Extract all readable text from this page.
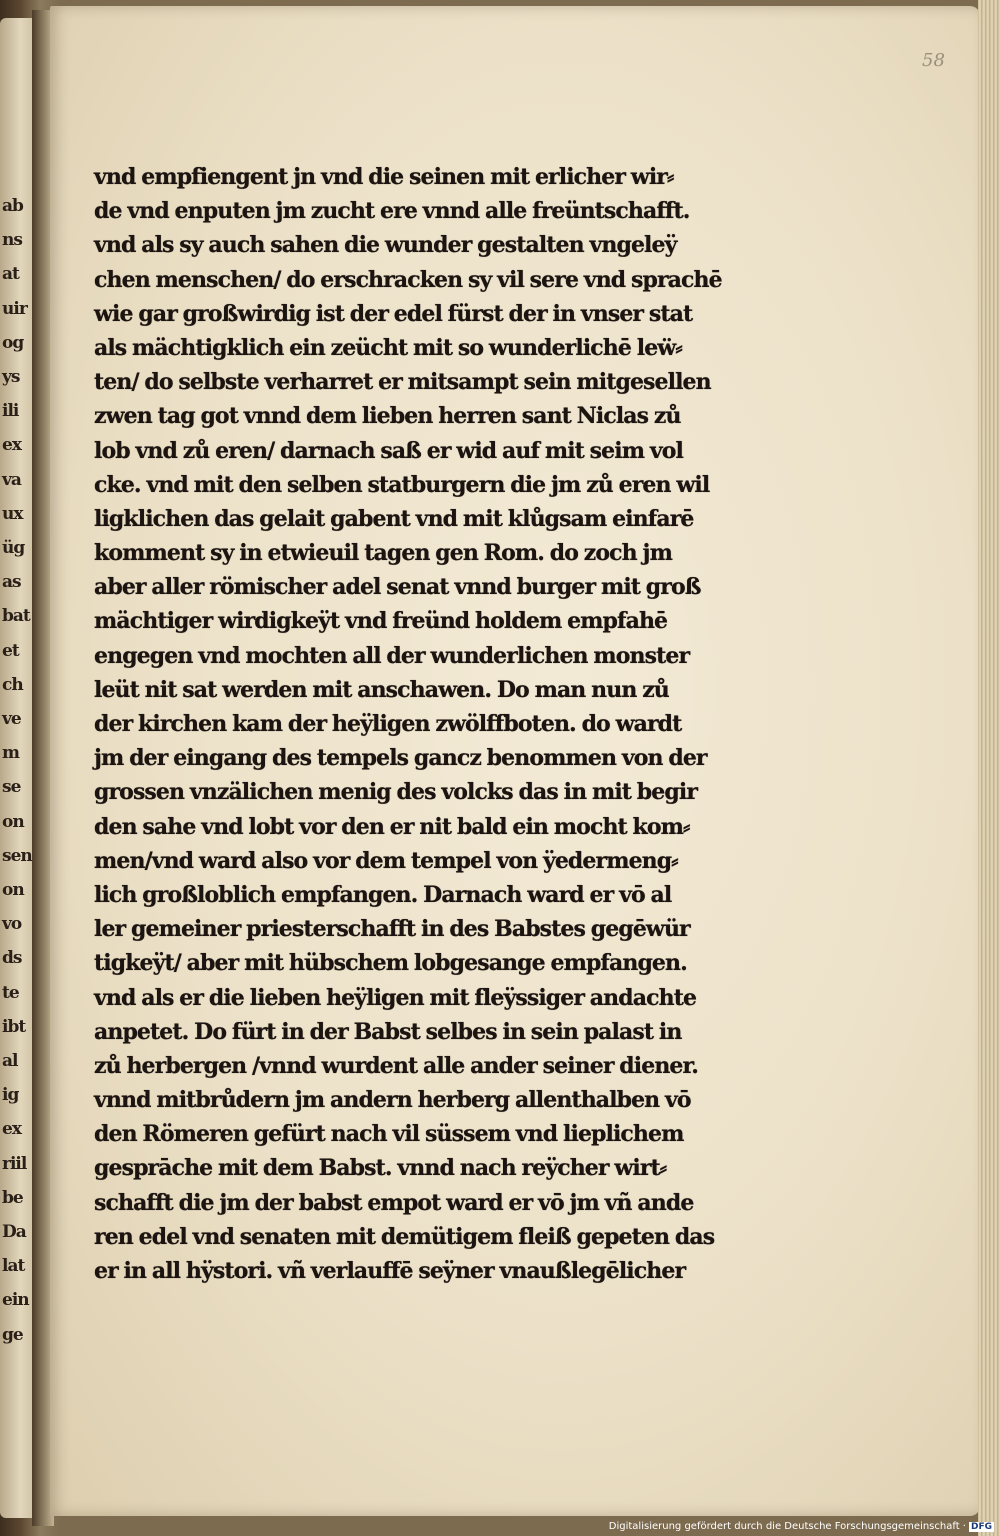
ab
ns
at
uir
og
ys
ili
ex
va
ux
üg
as
bat
et
ch
ve
m
se
on
sen
on
vo
ds
te
ibt
al
ig
ex
riil
be
Da
lat
ein
ge
58
vnd empfiengent jn vnd die seinen mit erlicher wir⸗
de vnd enputen jm zucht ere vnnd alle freüntschafft.
vnd als sy auch sahen die wunder gestalten vngeleÿ
chen menschen/ do erschracken sy vil sere vnd sprachē
wie gar großwirdig ist der edel fürst der in vnser stat
als mächtigklich ein zeücht mit so wunderlichē leẅ⸗
ten/ do selbste verharret er mitsampt sein mitgesellen
zwen tag got vnnd dem lieben herren sant Niclas zů
lob vnd zů eren/ darnach saß er wid auf mit seim vol
cke. vnd mit den selben statburgern die jm zů eren wil
ligklichen das gelait gabent vnd mit klůgsam einfarē
komment sy in etwieuil tagen gen Rom. do zoch jm
aber aller römischer adel senat vnnd burger mit groß
mächtiger wirdigkeÿt vnd freünd holdem empfahē
engegen vnd mochten all der wunderlichen monster
leüt nit sat werden mit anschawen. Do man nun zů
der kirchen kam der heÿligen zwölffboten. do wardt
jm der eingang des tempels gancz benommen von der
grossen vnzälichen menig des volcks das in mit begir
den sahe vnd lobt vor den er nit bald ein mocht kom⸗
men/vnd ward also vor dem tempel von ÿedermeng⸗
lich großloblich empfangen. Darnach ward er vō al
ler gemeiner priesterschafft in des Babstes gegēwür
tigkeÿt/ aber mit hübschem lobgesange empfangen.
vnd als er die lieben heÿligen mit fleÿssiger andachte
anpetet. Do fürt in der Babst selbes in sein palast in
zů herbergen /vnnd wurdent alle ander seiner diener.
vnnd mitbrůdern jm andern herberg allenthalben vō
den Römeren gefürt nach vil süssem vnd lieplichem
gesprāche mit dem Babst. vnnd nach reÿcher wirt⸗
schafft die jm der babst empot ward er vō jm vñ ande
ren edel vnd senaten mit demütigem fleiß gepeten das
er in all hÿstori. vñ verlauffē seÿner vnaußlegēlicher
Digitalisierung gefördert durch die Deutsche Forschungsgemeinschaft · DFG
